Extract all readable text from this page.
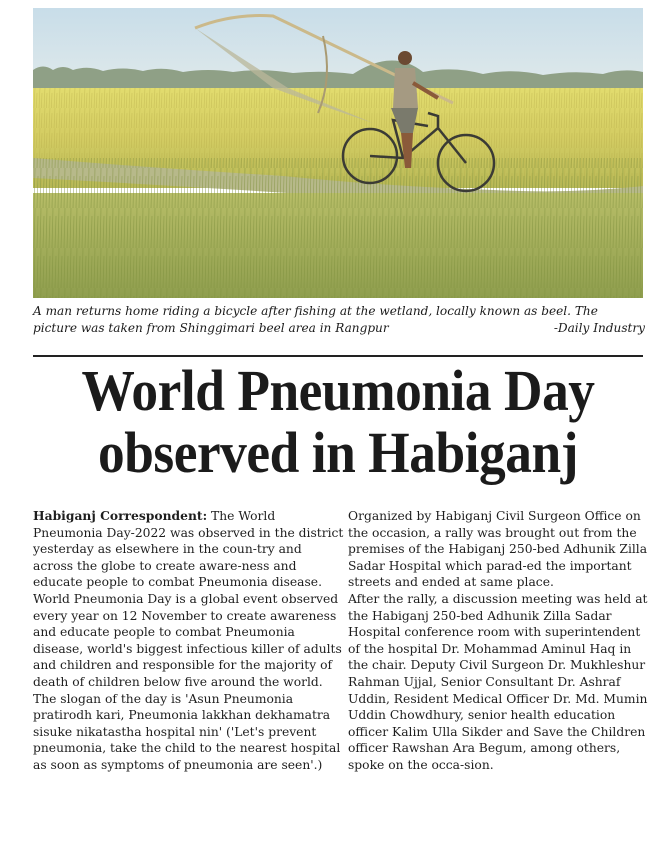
A man returns home riding a bicycle after fishing at the wetland, locally known as beel. The
picture was taken from Shinggimari beel area in Rangpur	-Daily Industry
World Pneumonia Day
observed in Habiganj

Habiganj Correspondent: The World Pneumonia Day-2022 was observed in the district yesterday as elsewhere in the coun-try and across the globe to create aware-ness and educate people to combat Pneumonia disease.

World Pneumonia Day is a global event observed every year on 12 November to create awareness and educate people to combat Pneumonia disease, world's biggest infectious killer of adults and children and responsible for the majority of death of children below five around the world.

The slogan of the day is 'Asun Pneumonia pratirodh kari, Pneumonia lakkhan dekhamatra sisuke nikatastha hospital nin' ('Let's prevent pneumonia, take the child to the nearest hospital as soon as symptoms of pneumonia are seen'.)

Organized by Habiganj Civil Surgeon Office on the occasion, a rally was brought out from the premises of the Habiganj 250-bed Adhunik Zilla Sadar Hospital which parad-ed the important streets and ended at same place.

After the rally, a discussion meeting was held at the Habiganj 250-bed Adhunik Zilla Sadar Hospital conference room with superintendent of the hospital Dr. Mohammad Aminul Haq in the chair. Deputy Civil Surgeon Dr. Mukhleshur Rahman Ujjal, Senior Consultant Dr. Ashraf Uddin, Resident Medical Officer Dr. Md. Mumin Uddin Chowdhury, senior health education officer Kalim Ulla Sikder and Save the Children officer Rawshan Ara Begum, among others, spoke on the occa-sion.
